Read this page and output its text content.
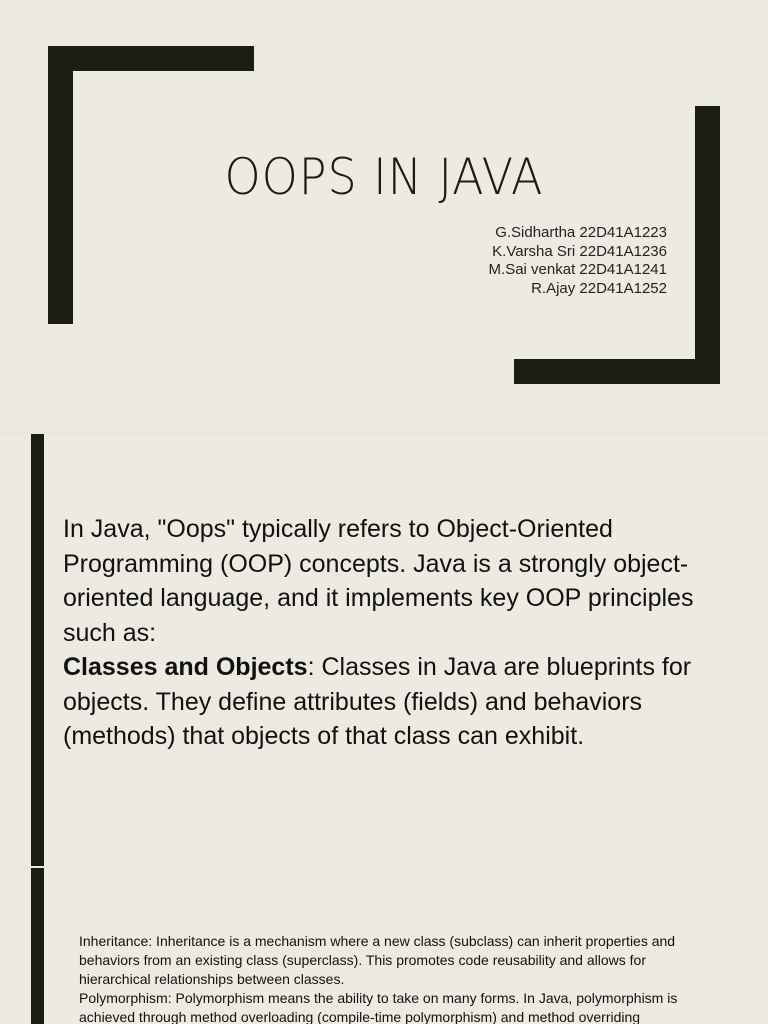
OOPS IN JAVA
G.Sidhartha 22D41A1223
K.Varsha Sri 22D41A1236
M.Sai venkat 22D41A1241
R.Ajay 22D41A1252

In Java, "Oops" typically refers to Object-Oriented Programming (OOP) concepts. Java is a strongly object-oriented language, and it implements key OOP principles such as:

Classes and Objects: Classes in Java are blueprints for objects. They define attributes (fields) and behaviors (methods) that objects of that class can exhibit.

Inheritance: Inheritance is a mechanism where a new class (subclass) can inherit properties and behaviors from an existing class (superclass). This promotes code reusability and allows for hierarchical relationships between classes.

Polymorphism: Polymorphism means the ability to take on many forms. In Java, polymorphism is achieved through method overloading (compile-time polymorphism) and method overriding
